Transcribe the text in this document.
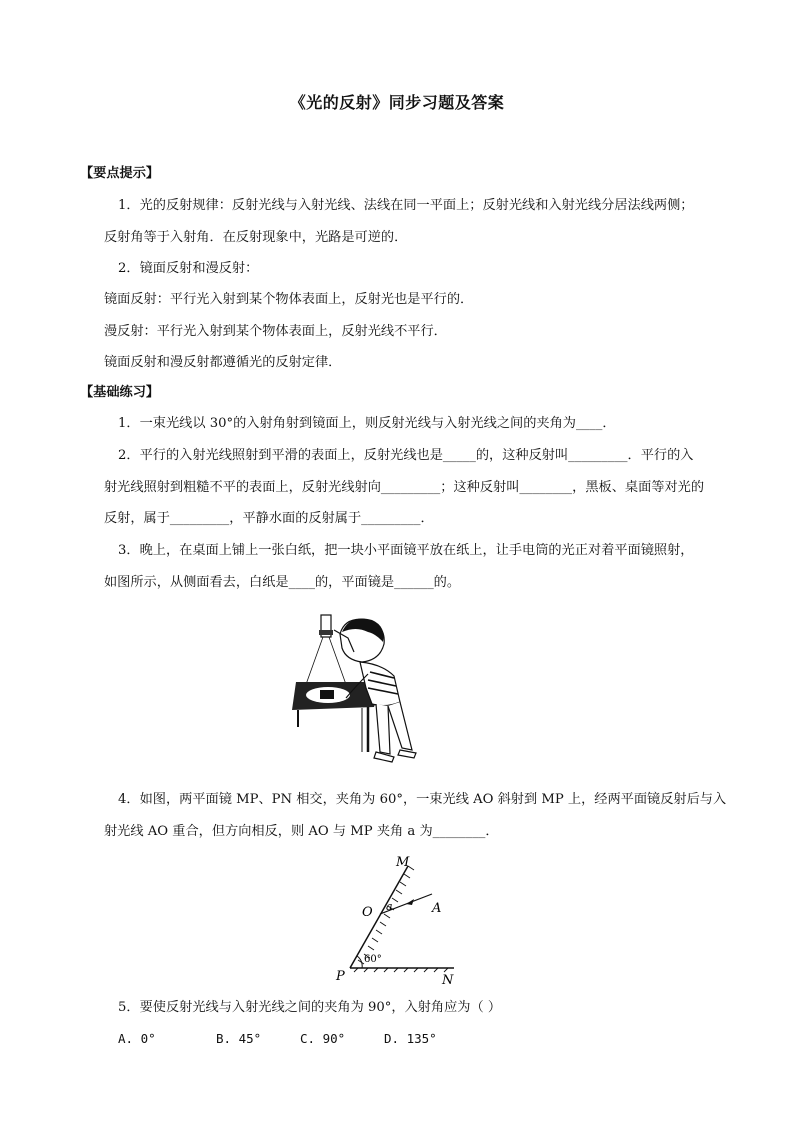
《光的反射》同步习题及答案
【要点提示】
1．光的反射规律：反射光线与入射光线、法线在同一平面上；反射光线和入射光线分居法线两侧；
反射角等于入射角．在反射现象中，光路是可逆的．
2．镜面反射和漫反射：
镜面反射：平行光入射到某个物体表面上，反射光也是平行的．
漫反射：平行光入射到某个物体表面上，反射光线不平行．
镜面反射和漫反射都遵循光的反射定律．
【基础练习】
1．一束光线以 30°的入射角射到镜面上，则反射光线与入射光线之间的夹角为____．
2．平行的入射光线照射到平滑的表面上，反射光线也是_____的，这种反射叫_________．平行的入
射光线照射到粗糙不平的表面上，反射光线射向_________；这种反射叫________，黑板、桌面等对光的
反射，属于_________，平静水面的反射属于_________．
3．晚上，在桌面上铺上一张白纸，把一块小平面镜平放在纸上，让手电筒的光正对着平面镜照射，
如图所示，从侧面看去，白纸是____的，平面镜是______的。
4．如图，两平面镜 MP、PN 相交，夹角为 60°，一束光线 AO 斜射到 MP 上，经两平面镜反射后与入
射光线 AO 重合，但方向相反，则 AO 与 MP 夹角 a 为________．
M
O a	A
60°
P	N
5．要使反射光线与入射光线之间的夹角为 90°，入射角应为（ ）
A. 0°	B. 45°	C. 90°	D. 135°
